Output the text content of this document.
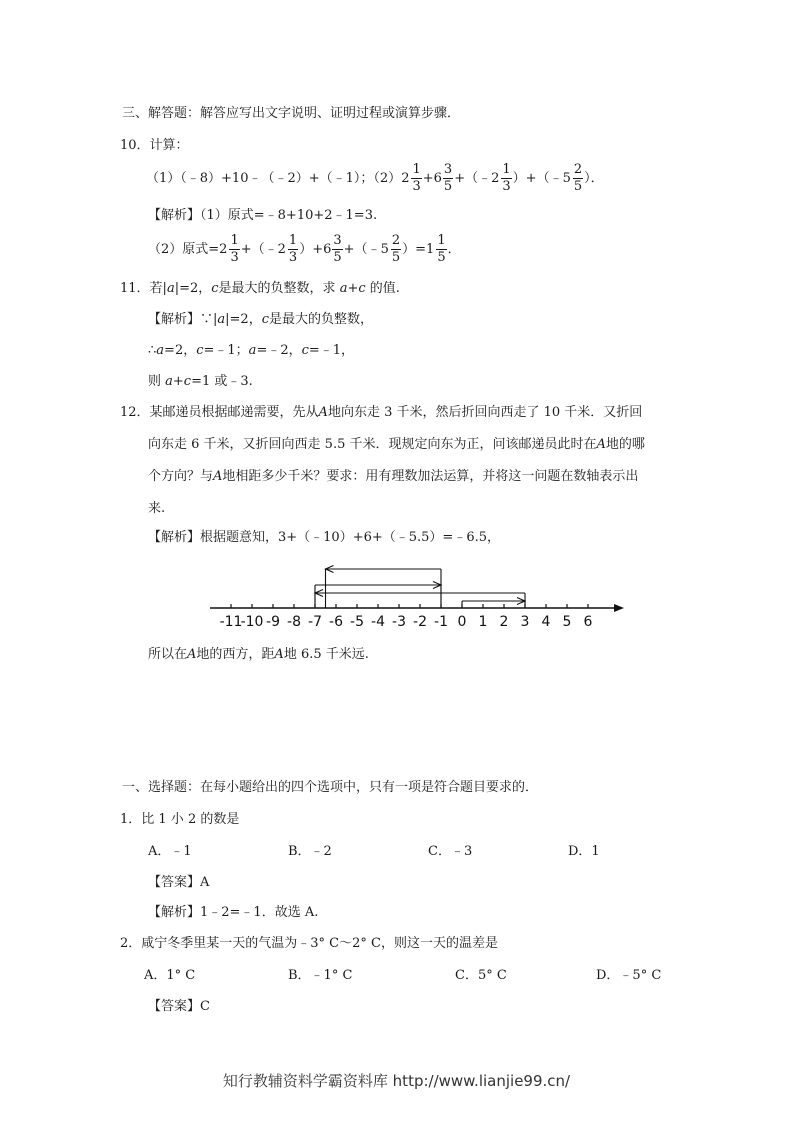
三、解答题：解答应写出文字说明、证明过程或演算步骤．
10．计算：
（1）（﹣8）+10﹣（﹣2）+（﹣1）；（2） $2 \frac{1}{3} +6 \frac{3}{5}$ +（﹣ $2 \frac{1}{3}$ ）+（﹣ $5 \frac{2}{5}$ ）．
【解析】（1）原式=﹣8+10+2﹣1=3.
（2）原式= $2 \frac{1}{3}$ +（﹣ $2 \frac{1}{3} )+6 \frac{3}{5}$ +（﹣ $5 \frac{2}{5}$ ）= $1 \frac{1}{5}$ ．
11．若|a|=2，c是最大的负整数，求 a+c 的值.
【解析】∵|a|=2，c是最大的负整数，
∴a=2，c=﹣1；a=﹣2，c=﹣1，
则 a+c=1 或﹣3.
12．某邮递员根据邮递需要，先从A地向东走 3 千米，然后折回向西走了 10 千米．又折回
向东走 6 千米，又折回向西走 5.5 千米．现规定向东为正，问该邮递员此时在A地的哪
个方向？与A地相距多少千米？要求：用有理数加法运算，并将这一问题在数轴表示出
来.
【解析】根据题意知，3+（﹣10）+6+（﹣5.5）=﹣6.5，
-11
-10 -9 -8 -7 -6 -5 -4 -3 -2 -1 0 1 2 3 4 5 6
所以在A地的西方，距A地 6.5 千米远.
一、选择题：在每小题给出的四个选项中，只有一项是符合题目要求的．
1．比 1 小 2 的数是
A．﹣1	B．﹣2	C．﹣3	D．1
【答案】A
【解析】1﹣2=﹣1．故选 A.
2．咸宁冬季里某一天的气温为﹣3° C～2° C，则这一天的温差是
A．1° C	B．﹣1° C	C．5° C	D．﹣5° C
【答案】C
知行教辅资料学霸资料库 http://www.lianjie99.cn/
